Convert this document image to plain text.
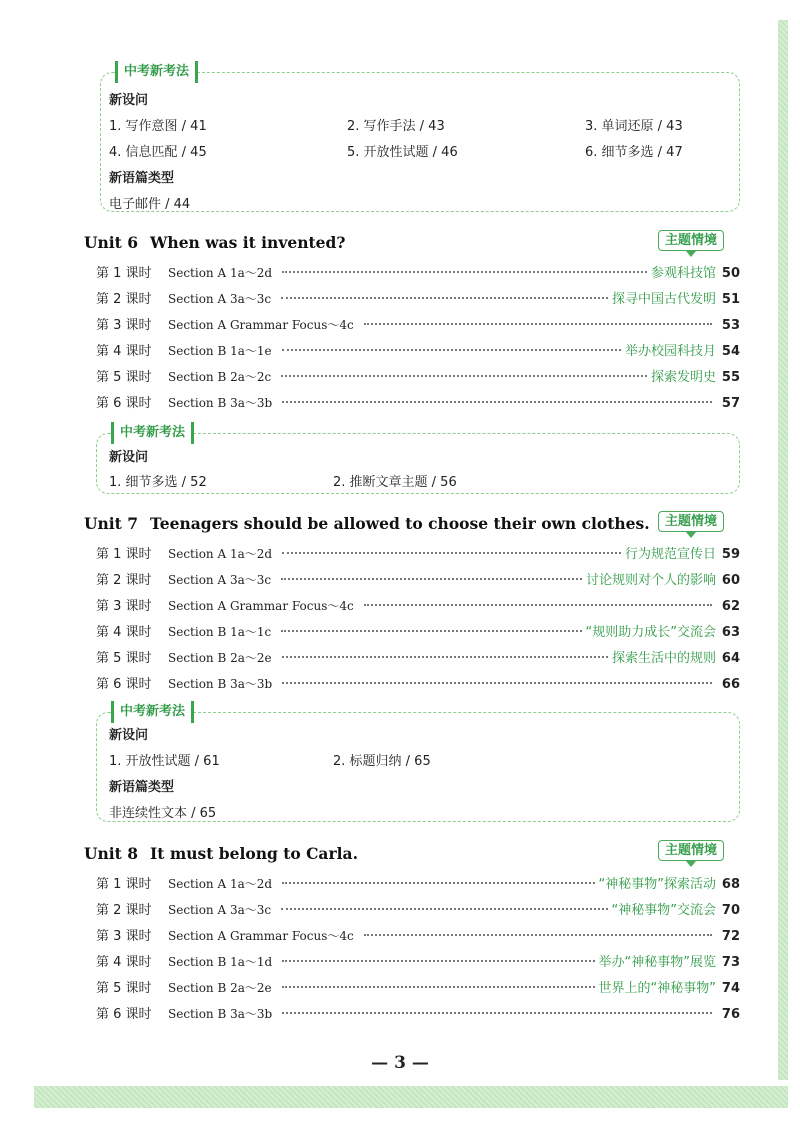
中考新考法
新设问
1. 写作意图 / 41	2. 写作手法 / 43	3. 单词还原 / 43
4. 信息匹配 / 45	5. 开放性试题 / 46	6. 细节多选 / 47
新语篇类型
电子邮件 / 44
Unit 6 When was it invented?	主题情境
第 1 课时	Section A 1a～2d	参观科技馆 50
第 2 课时	Section A 3a～3c	探寻中国古代发明 51
第 3 课时	Section A Grammar Focus～4c	53
第 4 课时	Section B 1a～1e	举办校园科技月 54
第 5 课时	Section B 2a～2c	探索发明史 55
第 6 课时	Section B 3a～3b	57
中考新考法
新设问
1. 细节多选 / 52	2. 推断文章主题 / 56
Unit 7 Teenagers should be allowed to choose their own clothes.	主题情境
第 1 课时	Section A 1a～2d	行为规范宣传日 59
第 2 课时	Section A 3a～3c	讨论规则对个人的影响 60
第 3 课时	Section A Grammar Focus～4c	62
第 4 课时	Section B 1a～1c	“规则助力成长”交流会 63
第 5 课时	Section B 2a～2e	探索生活中的规则 64
第 6 课时	Section B 3a～3b	66
中考新考法
新设问
1. 开放性试题 / 61	2. 标题归纳 / 65
新语篇类型
非连续性文本 / 65
Unit 8 It must belong to Carla.	主题情境
第 1 课时	Section A 1a～2d	“神秘事物”探索活动 68
第 2 课时	Section A 3a～3c	“神秘事物”交流会 70
第 3 课时	Section A Grammar Focus～4c	72
第 4 课时	Section B 1a～1d	举办“神秘事物”展览 73
第 5 课时	Section B 2a～2e	世界上的“神秘事物” 74
第 6 课时	Section B 3a～3b	76
— 3 —
